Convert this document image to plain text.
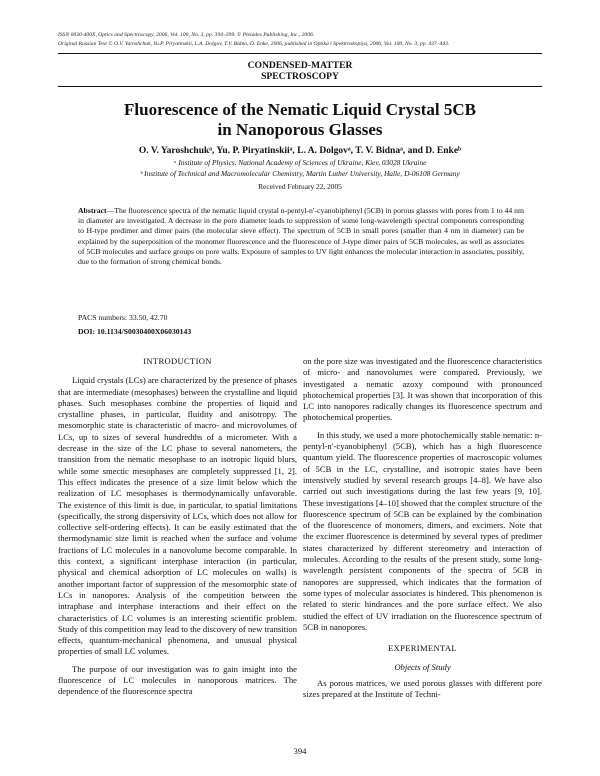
ISSN 0030-400X, Optics and Spectroscopy, 2006, Vol. 100, No. 3, pp. 394–399. © Pleiades Publishing, Inc., 2006.
Original Russian Text © O.V. Yaroshchuk, Yu.P. Piryatinskii, L.A. Dolgov, T.V. Bidna, D. Enke, 2006, published in Optika i Spektroskopiya, 2006, Vol. 100, No. 3, pp. 437–443.
CONDENSED-MATTER
SPECTROSCOPY
Fluorescence of the Nematic Liquid Crystal 5CB
in Nanoporous Glasses
O. V. Yaroshchukᵃ, Yu. P. Piryatinskiiᵃ, L. A. Dolgovᵃ, T. V. Bidnaᵃ, and D. Enkeᵇ
ᵃ Institute of Physics, National Academy of Sciences of Ukraine, Kiev, 03028 Ukraine
ᵇ Institute of Technical and Macromolecular Chemistry, Martin Luther University, Halle, D-06108 Germany
Received February 22, 2005
Abstract—The fluorescence spectra of the nematic liquid crystal n-pentyl-n′-cyanobiphenyl (5CB) in porous glasses with pores from 1 to 44 nm in diameter are investigated. A decrease in the pore diameter leads to suppression of some long-wavelength spectral components corresponding to H-type predimer and dimer pairs (the molecular sieve effect). The spectrum of 5CB in small pores (smaller than 4 nm in diameter) can be explained by the superposition of the monomer fluorescence and the fluorescence of J-type dimer pairs of 5CB molecules, as well as associates of 5CB molecules and surface groups on pore walls. Exposure of samples to UV light enhances the molecular interaction in associates, possibly, due to the formation of strong chemical bonds.
PACS numbers: 33.50, 42.70
DOI: 10.1134/S0030400X06030143

INTRODUCTION

Liquid crystals (LCs) are characterized by the presence of phases that are intermediate (mesophases) between the crystalline and liquid phases. Such mesophases combine the properties of liquid and crystalline phases, in particular, fluidity and anisotropy. The mesomorphic state is characteristic of macro- and microvolumes of LCs, up to sizes of several hundredths of a micrometer. With a decrease in the size of the LC phase to several nanometers, the transition from the nematic mesophase to an isotropic liquid blurs, while some smectic mesophases are completely suppressed [1, 2]. This effect indicates the presence of a size limit below which the realization of LC mesophases is thermodynamically unfavorable. The existence of this limit is due, in particular, to spatial limitations (specifically, the strong dispersivity of LCs, which does not allow for collective self-ordering effects). It can be easily estimated that the thermodynamic size limit is reached when the surface and volume fractions of LC molecules in a nanovolume become comparable. In this context, a significant interphase interaction (in particular, physical and chemical adsorption of LC molecules on walls) is another important factor of suppression of the mesomorphic state of LCs in nanopores. Analysis of the competition between the intraphase and interphase interactions and their effect on the characteristics of LC volumes is an interesting scientific problem. Study of this competition may lead to the discovery of new transition effects, quantum-mechanical phenomena, and unusual physical properties of small LC volumes.

The purpose of our investigation was to gain insight into the fluorescence of LC molecules in nanoporous matrices. The dependence of the fluorescence spectra

on the pore size was investigated and the fluorescence characteristics of micro- and nanovolumes were compared. Previously, we investigated a nematic azoxy compound with pronounced photochemical properties [3]. It was shown that incorporation of this LC into nanopores radically changes its fluorescence spectrum and photochemical properties.

In this study, we used a more photochemically stable nematic: n-pentyl-n′-cyanobiphenyl (5CB), which has a high fluorescence quantum yield. The fluorescence properties of macroscopic volumes of 5CB in the LC, crystalline, and isotropic states have been intensively studied by several research groups [4–8]. We have also carried out such investigations during the last few years [9, 10]. These investigations [4–10] showed that the complex structure of the fluorescence spectrum of 5CB can be explained by the combination of the fluorescence of monomers, dimers, and excimers. Note that the excimer fluorescence is determined by several types of predimer states characterized by different stereometry and interaction of molecules. According to the results of the present study, some long-wavelength persistent components of the spectra of 5CB in nanopores are suppressed, which indicates that the formation of some types of molecular associates is hindered. This phenomenon is related to steric hindrances and the pore surface effect. We also studied the effect of UV irradiation on the fluorescence spectrum of 5CB in nanopores.

EXPERIMENTAL

Objects of Study

As porous matrices, we used porous glasses with different pore sizes prepared at the Institute of Techni-

394
